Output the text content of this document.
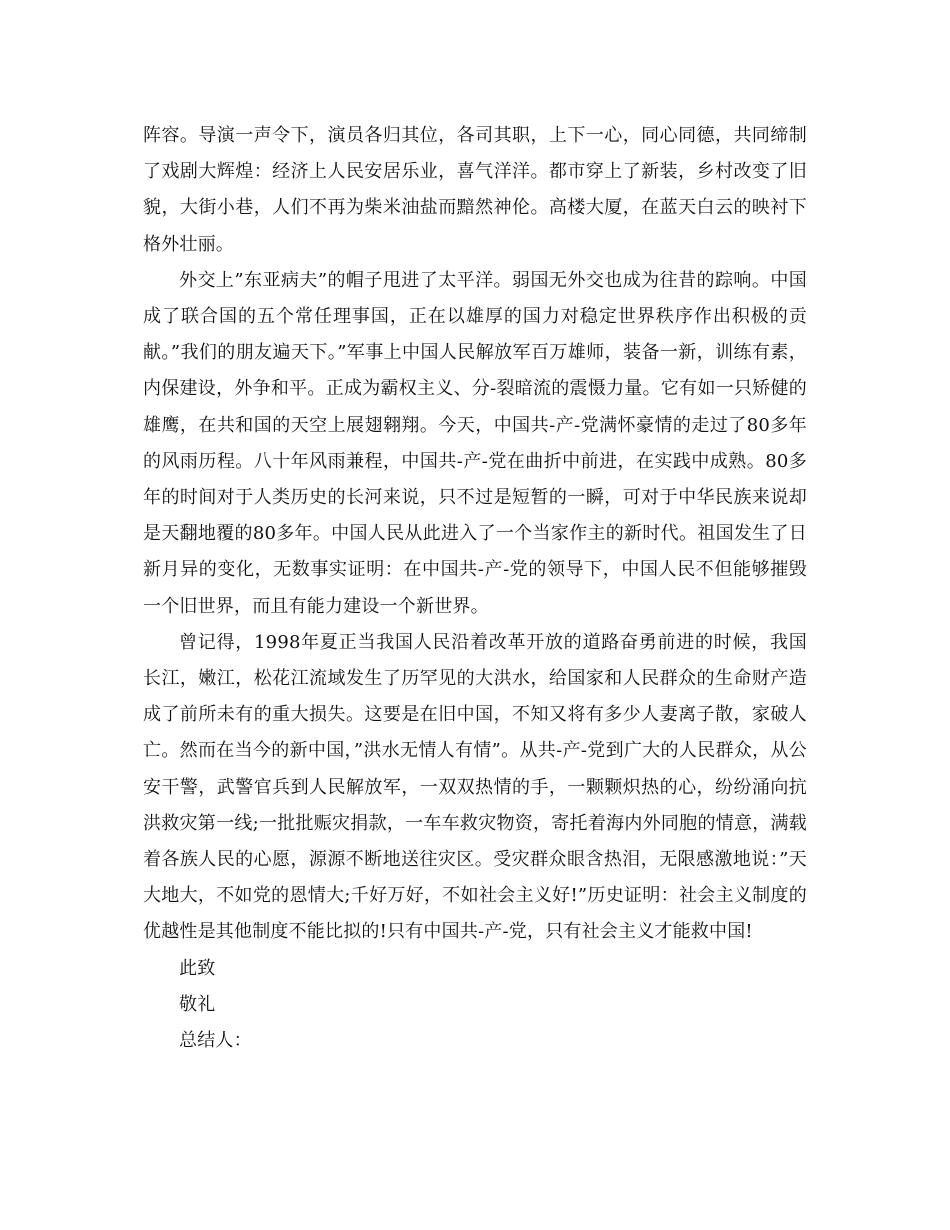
阵容。导演一声令下，演员各归其位，各司其职，上下一心，同心同德，共同缔制了戏剧大辉煌：经济上人民安居乐业，喜气洋洋。都市穿上了新装，乡村改变了旧貌，大街小巷，人们不再为柴米油盐而黯然神伦。高楼大厦，在蓝天白云的映衬下格外壮丽。

外交上”东亚病夫”的帽子甩进了太平洋。弱国无外交也成为往昔的踪响。中国成了联合国的五个常任理事国，正在以雄厚的国力对稳定世界秩序作出积极的贡献。”我们的朋友遍天下。”军事上中国人民解放军百万雄师，装备一新，训练有素，内保建设，外争和平。正成为霸权主义、分-裂暗流的震慑力量。它有如一只矫健的雄鹰，在共和国的天空上展翅翱翔。今天，中国共-产-党满怀豪情的走过了80多年的风雨历程。八十年风雨兼程，中国共-产-党在曲折中前进，在实践中成熟。80多年的时间对于人类历史的长河来说，只不过是短暂的一瞬，可对于中华民族来说却是天翻地覆的80多年。中国人民从此进入了一个当家作主的新时代。祖国发生了日新月异的变化，无数事实证明：在中国共-产-党的领导下，中国人民不但能够摧毁一个旧世界，而且有能力建设一个新世界。

曾记得，1998年夏正当我国人民沿着改革开放的道路奋勇前进的时候，我国长江，嫩江，松花江流域发生了历罕见的大洪水，给国家和人民群众的生命财产造成了前所未有的重大损失。这要是在旧中国，不知又将有多少人妻离子散，家破人亡。然而在当今的新中国，”洪水无情人有情”。从共-产-党到广大的人民群众，从公安干警，武警官兵到人民解放军，一双双热情的手，一颗颗炽热的心，纷纷涌向抗洪救灾第一线;一批批赈灾捐款，一车车救灾物资，寄托着海内外同胞的情意，满载着各族人民的心愿，源源不断地送往灾区。受灾群众眼含热泪，无限感激地说：”天大地大，不如党的恩情大;千好万好，不如社会主义好!”历史证明：社会主义制度的优越性是其他制度不能比拟的!只有中国共-产-党，只有社会主义才能救中国!

此致

敬礼

总结人：
